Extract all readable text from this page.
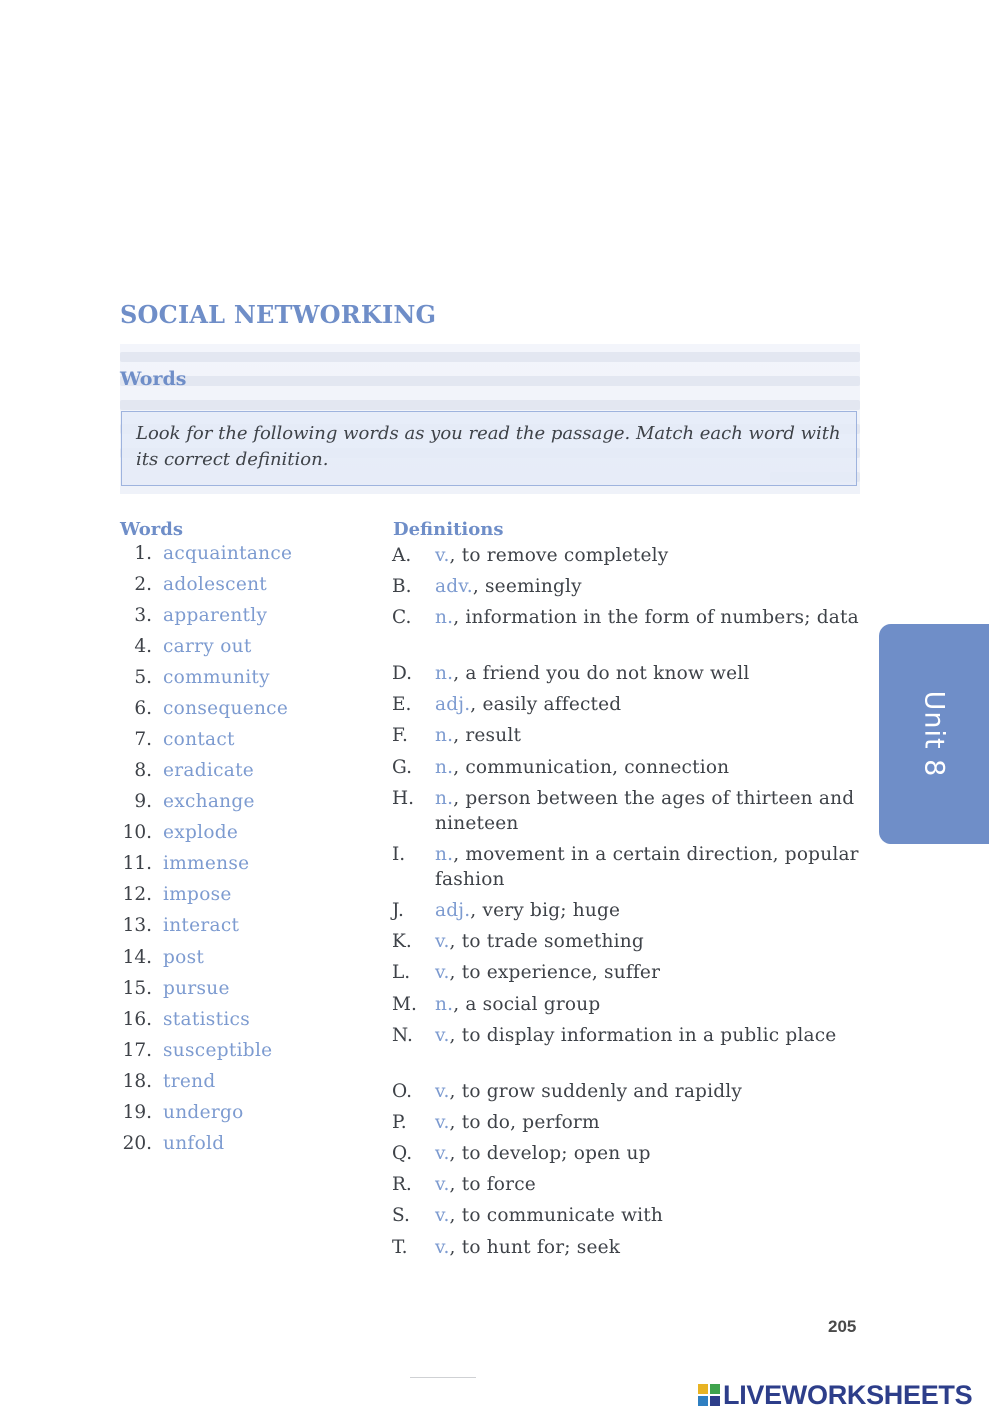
SOCIAL NETWORKING
Words

Look for the following words as you read the passage. Match each word with its correct definition.

Words	Definitions
1. acquaintance
2. adolescent
3. apparently
4. carry out
5. community
6. consequence
7. contact
8. eradicate
9. exchange
10. explode
11. immense
12. impose
13. interact
14. post
15. pursue
16. statistics
17. susceptible
18. trend
19. undergo
20. unfold
A. v., to remove completely
B. adv., seemingly
C. n., information in the form of numbers; data
D. n., a friend you do not know well
E. adj., easily affected
F. n., result
G. n., communication, connection
H. n., person between the ages of thirteen and nineteen
I. n., movement in a certain direction, popular fashion
J. adj., very big; huge
K. v., to trade something
L. v., to experience, suffer
M. n., a social group
N. v., to display information in a public place
O. v., to grow suddenly and rapidly
P. v., to do, perform
Q. v., to develop; open up
R. v., to force
S. v., to communicate with
T. v., to hunt for; seek
Unit 8
205
LIVEWORKSHEETS
